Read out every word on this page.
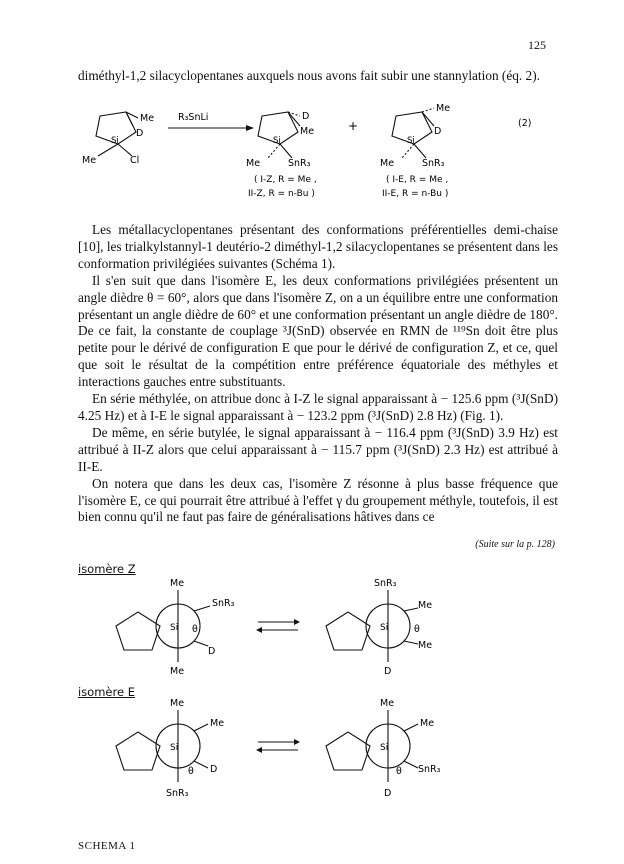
125
diméthyl-1,2 silacyclopentanes auxquels nous avons fait subir une stannylation (éq. 2).
Me
D
Si
Me	Cl
R₃SnLi	D
Me
Si
Me	SnR₃
( I-Z, R = Me ,
II-Z, R = n-Bu )
+
Me
D
Si
Me	SnR₃
( I-E, R = Me ,
II-E, R = n-Bu )
(2)

Les métallacyclopentanes présentant des conformations préférentielles demi-chaise [10], les trialkylstannyl-1 deutério-2 diméthyl-1,2 silacyclopentanes se présentent dans les conformation privilégiées suivantes (Schéma 1).

Il s'en suit que dans l'isomère E, les deux conformations privilégiées présentent un angle dièdre θ = 60°, alors que dans l'isomère Z, on a un équilibre entre une conformation présentant un angle dièdre de 60° et une conformation présentant un angle dièdre de 180°. De ce fait, la constante de couplage ³J(SnD) observée en RMN de ¹¹⁹Sn doit être plus petite pour le dérivé de configuration E que pour le dérivé de configuration Z, et ce, quel que soit le résultat de la compétition entre préférence équatoriale des méthyles et interactions gauches entre substituants.

En série méthylée, on attribue donc à I-Z le signal apparaissant à − 125.6 ppm (³J(SnD) 4.25 Hz) et à I-E le signal apparaissant à − 123.2 ppm (³J(SnD) 2.8 Hz) (Fig. 1).

De même, en série butylée, le signal apparaissant à − 116.4 ppm (³J(SnD) 3.9 Hz) est attribué à II-Z alors que celui apparaissant à − 115.7 ppm (³J(SnD) 2.3 Hz) est attribué à II-E.

On notera que dans les deux cas, l'isomère Z résonne à plus basse fréquence que l'isomère E, ce qui pourrait être attribué à l'effet γ du groupement méthyle, toutefois, il est bien connu qu'il ne faut pas faire de généralisations hâtives dans ce

(Suite sur la p. 128)
isomère Z
isomère E
Me
Si
SnR₃
θ
D
Me
SnR₃
Si
Me
θ
Me
D
Me
Si
Me
θ D
SnR₃
Me
Si
Me
θ SnR₃
D
SCHEMA 1
